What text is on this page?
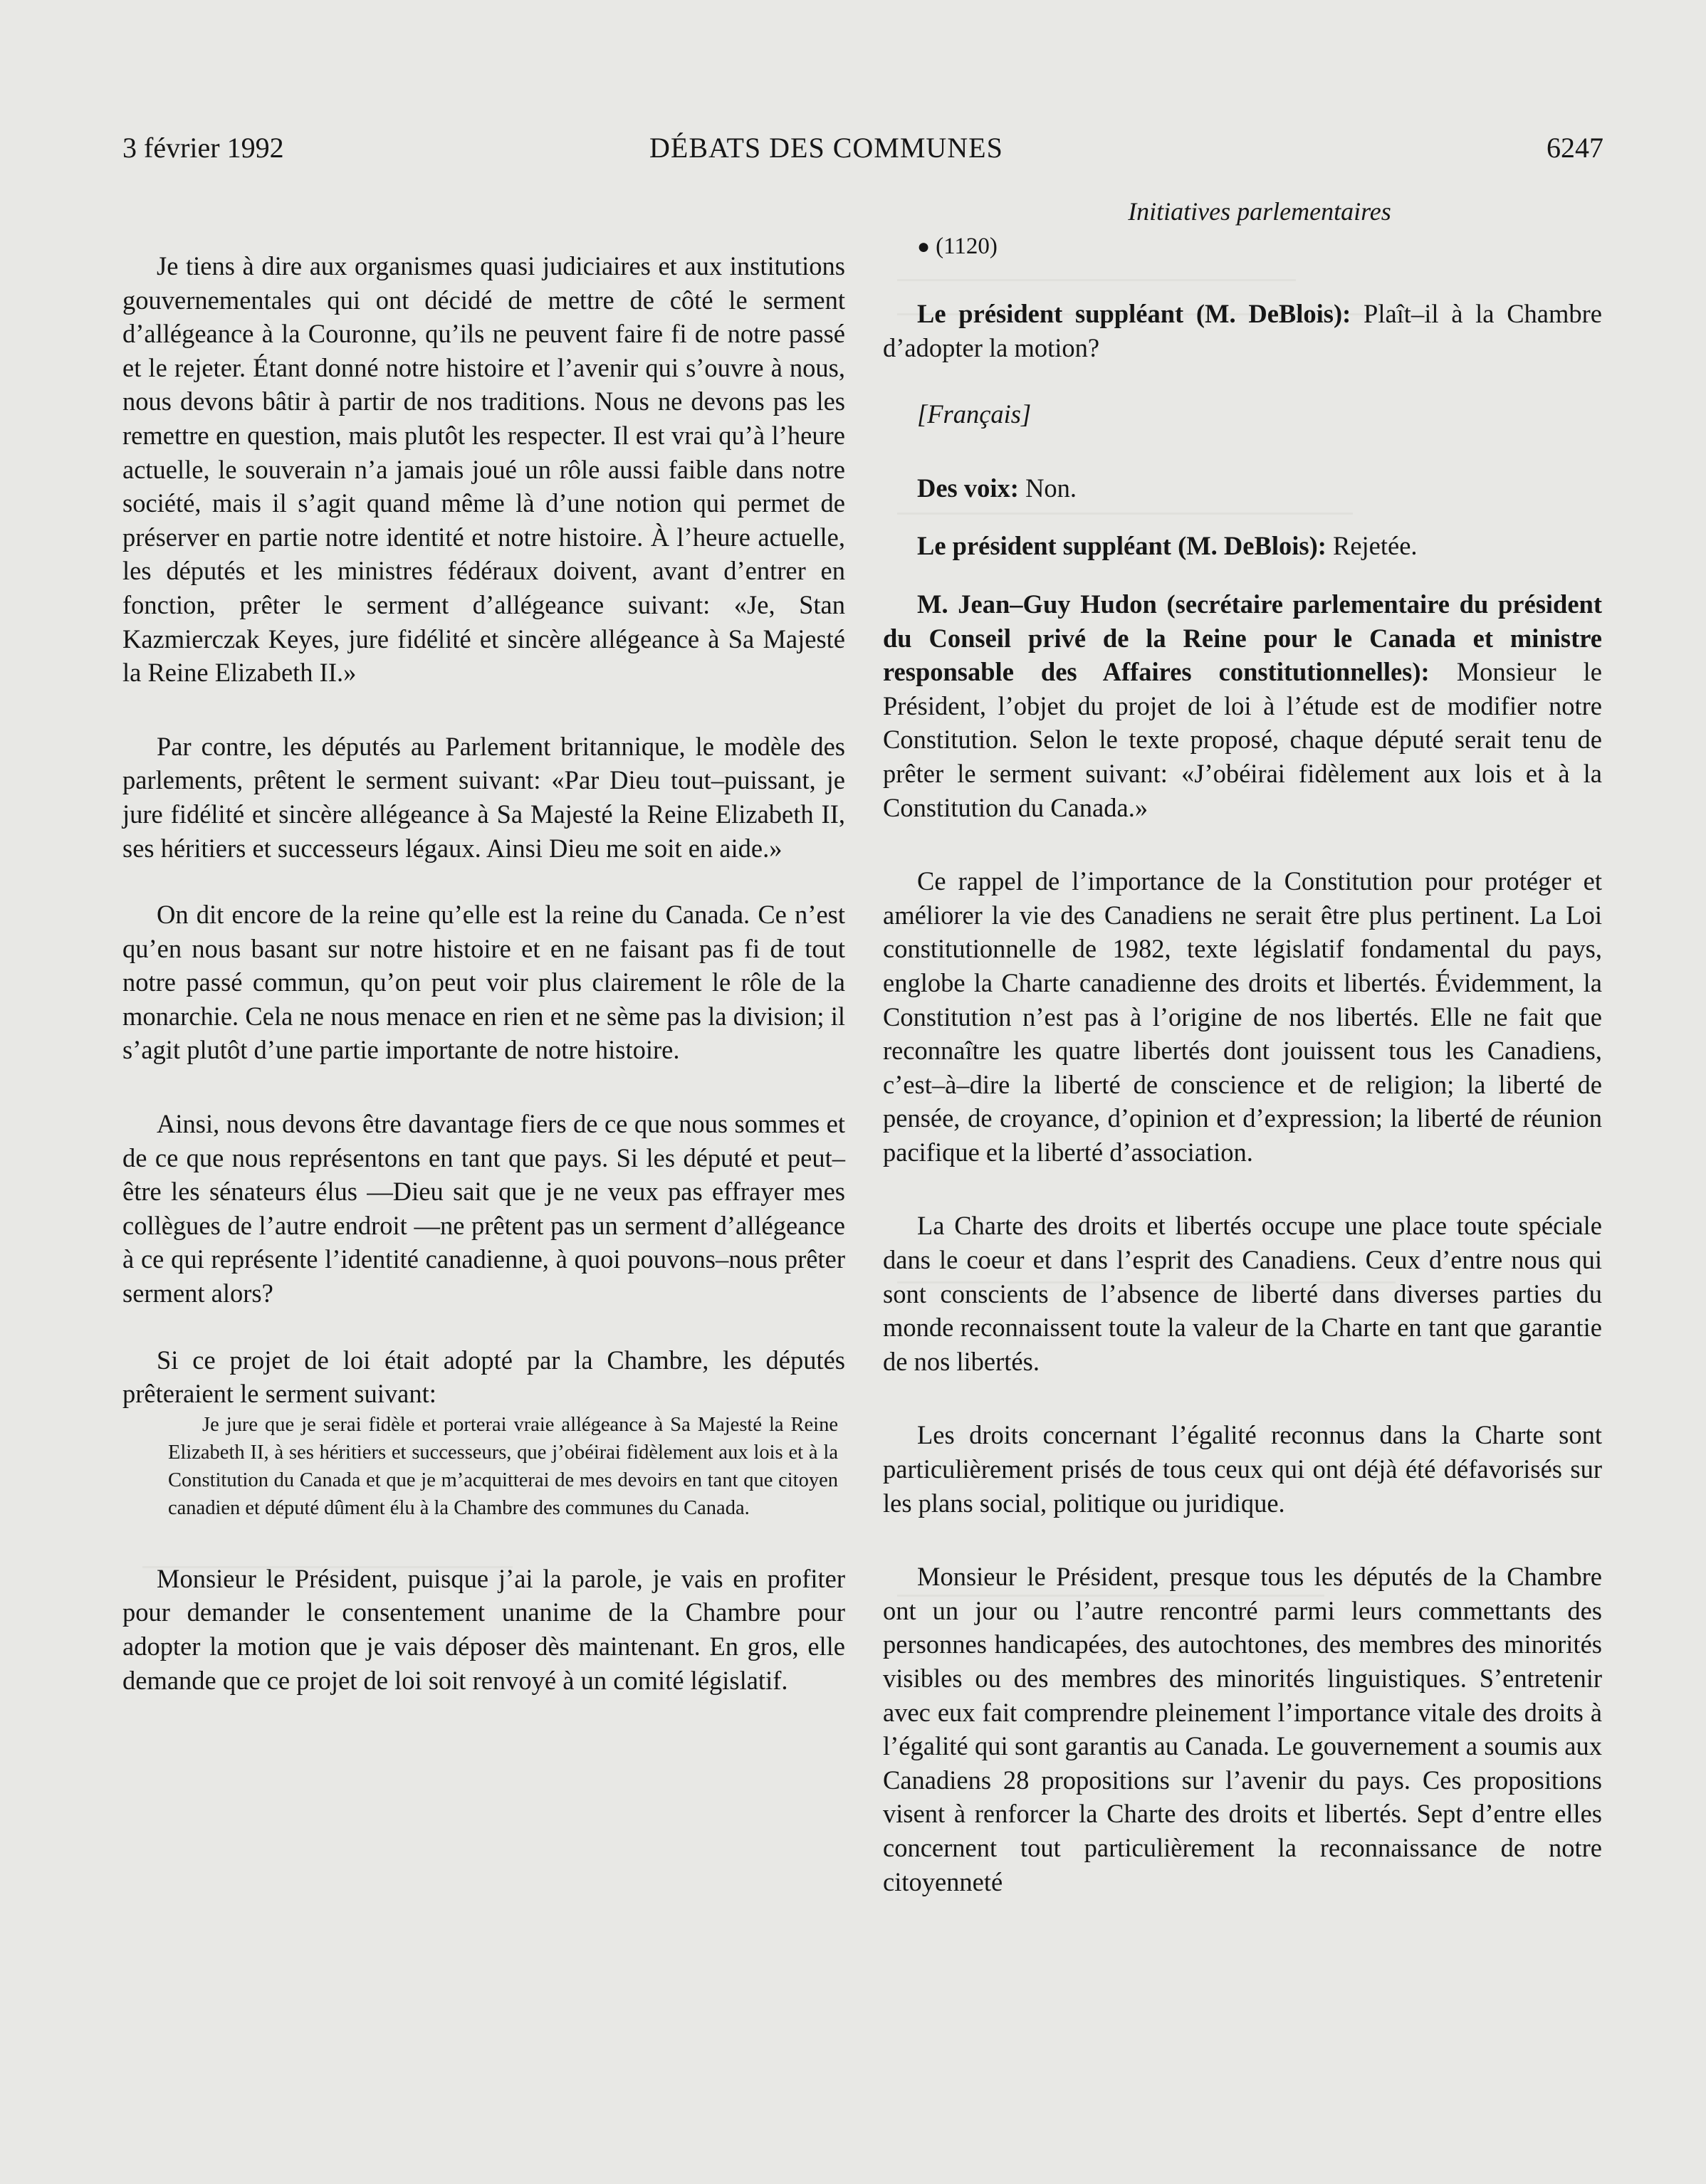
3 février 1992	DÉBATS DES COMMUNES	6247

Je tiens à dire aux organismes quasi judiciaires et aux institutions gouvernementales qui ont décidé de mettre de côté le serment d’allégeance à la Couronne, qu’ils ne peuvent faire fi de notre passé et le rejeter. Étant donné notre histoire et l’avenir qui s’ouvre à nous, nous devons bâtir à partir de nos traditions. Nous ne devons pas les remettre en question, mais plutôt les respecter. Il est vrai qu’à l’heure actuelle, le souverain n’a jamais joué un rôle aussi faible dans notre société, mais il s’agit quand même là d’une notion qui permet de préserver en partie notre identité et notre histoire. À l’heure actuelle, les députés et les ministres fédéraux doivent, avant d’entrer en fonction, prêter le serment d’allégeance suivant: «Je, Stan Kazmierczak Keyes, jure fidélité et sincère allégeance à Sa Majesté la Reine Elizabeth II.»

Par contre, les députés au Parlement britannique, le modèle des parlements, prêtent le serment suivant: «Par Dieu tout–puissant, je jure fidélité et sincère allégeance à Sa Majesté la Reine Elizabeth II, ses héritiers et successeurs légaux. Ainsi Dieu me soit en aide.»

On dit encore de la reine qu’elle est la reine du Canada. Ce n’est qu’en nous basant sur notre histoire et en ne faisant pas fi de tout notre passé commun, qu’on peut voir plus clairement le rôle de la monarchie. Cela ne nous menace en rien et ne sème pas la division; il s’agit plutôt d’une partie importante de notre histoire.

Ainsi, nous devons être davantage fiers de ce que nous sommes et de ce que nous représentons en tant que pays. Si les député et peut–être les sénateurs élus —Dieu sait que je ne veux pas effrayer mes collègues de l’autre endroit —ne prêtent pas un serment d’allégeance à ce qui représente l’identité canadienne, à quoi pouvons–nous prêter serment alors?

Si ce projet de loi était adopté par la Chambre, les députés prêteraient le serment suivant:

Je jure que je serai fidèle et porterai vraie allégeance à Sa Majesté la Reine Elizabeth II, à ses héritiers et successeurs, que j’obéirai fidèlement aux lois et à la Constitution du Canada et que je m’acquitterai de mes devoirs en tant que citoyen canadien et député dûment élu à la Chambre des communes du Canada.

Monsieur le Président, puisque j’ai la parole, je vais en profiter pour demander le consentement unanime de la Chambre pour adopter la motion que je vais déposer dès maintenant. En gros, elle demande que ce projet de loi soit renvoyé à un comité législatif.

Initiatives parlementaires

● (1120)

Le président suppléant (M. DeBlois): Plaît–il à la Chambre d’adopter la motion?

[Français]

Des voix: Non.

Le président suppléant (M. DeBlois): Rejetée.

M. Jean–Guy Hudon (secrétaire parlementaire du président du Conseil privé de la Reine pour le Canada et ministre responsable des Affaires constitutionnelles): Monsieur le Président, l’objet du projet de loi à l’étude est de modifier notre Constitution. Selon le texte proposé, chaque député serait tenu de prêter le serment suivant: «J’obéirai fidèlement aux lois et à la Constitution du Canada.»

Ce rappel de l’importance de la Constitution pour protéger et améliorer la vie des Canadiens ne serait être plus pertinent. La Loi constitutionnelle de 1982, texte législatif fondamental du pays, englobe la Charte canadienne des droits et libertés. Évidemment, la Constitution n’est pas à l’origine de nos libertés. Elle ne fait que reconnaître les quatre libertés dont jouissent tous les Canadiens, c’est–à–dire la liberté de conscience et de religion; la liberté de pensée, de croyance, d’opinion et d’expression; la liberté de réunion pacifique et la liberté d’association.

La Charte des droits et libertés occupe une place toute spéciale dans le coeur et dans l’esprit des Canadiens. Ceux d’entre nous qui sont conscients de l’absence de liberté dans diverses parties du monde reconnaissent toute la valeur de la Charte en tant que garantie de nos libertés.

Les droits concernant l’égalité reconnus dans la Charte sont particulièrement prisés de tous ceux qui ont déjà été défavorisés sur les plans social, politique ou juridique.

Monsieur le Président, presque tous les députés de la Chambre ont un jour ou l’autre rencontré parmi leurs commettants des personnes handicapées, des autochtones, des membres des minorités visibles ou des membres des minorités linguistiques. S’entretenir avec eux fait comprendre pleinement l’importance vitale des droits à l’égalité qui sont garantis au Canada. Le gouvernement a soumis aux Canadiens 28 propositions sur l’avenir du pays. Ces propositions visent à renforcer la Charte des droits et libertés. Sept d’entre elles concernent tout particulièrement la reconnaissance de notre citoyenneté
